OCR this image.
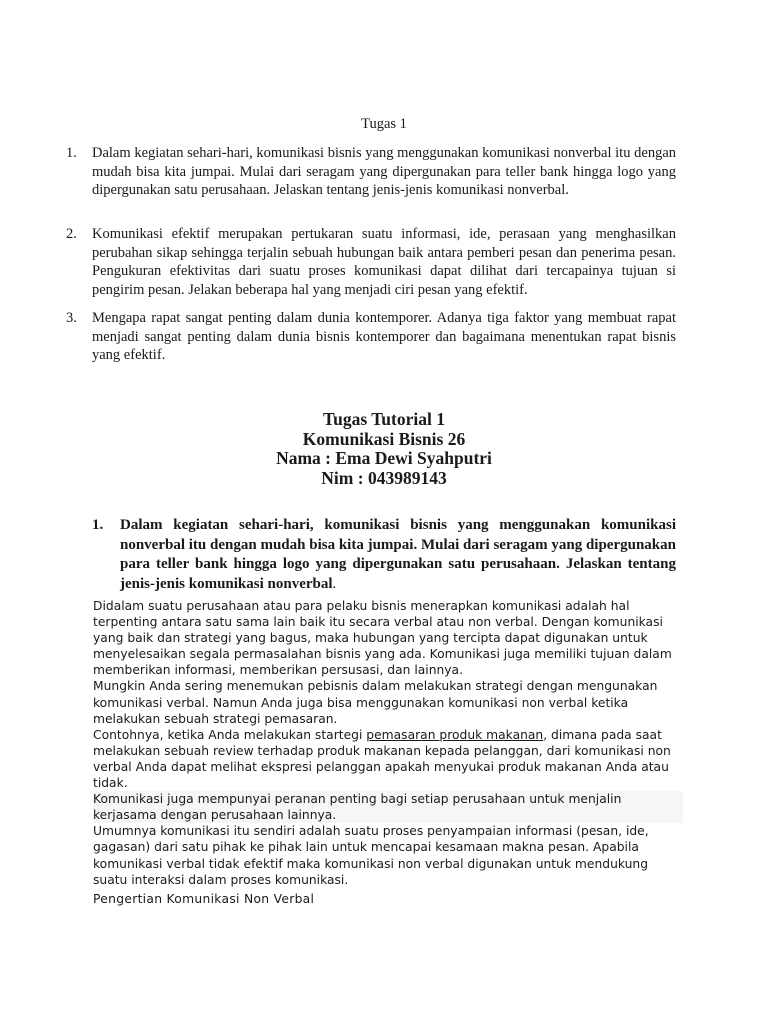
Tugas 1
1.	Dalam kegiatan sehari-hari, komunikasi bisnis yang menggunakan komunikasi nonverbal itu dengan mudah bisa kita jumpai. Mulai dari seragam yang dipergunakan para teller bank hingga logo yang dipergunakan satu perusahaan. Jelaskan tentang jenis-jenis komunikasi nonverbal.
2.	Komunikasi efektif merupakan pertukaran suatu informasi, ide, perasaan yang menghasilkan perubahan sikap sehingga terjalin sebuah hubungan baik antara pemberi pesan dan penerima pesan. Pengukuran efektivitas dari suatu proses komunikasi dapat dilihat dari tercapainya tujuan si pengirim pesan. Jelakan beberapa hal yang menjadi ciri pesan yang efektif.
3.	Mengapa rapat sangat penting dalam dunia kontemporer. Adanya tiga faktor yang membuat rapat menjadi sangat penting dalam dunia bisnis kontemporer dan bagaimana menentukan rapat bisnis yang efektif.
Tugas Tutorial 1
Komunikasi Bisnis 26
Nama : Ema Dewi Syahputri
Nim : 043989143
1.	Dalam kegiatan sehari-hari, komunikasi bisnis yang menggunakan komunikasi nonverbal itu dengan mudah bisa kita jumpai. Mulai dari seragam yang dipergunakan para teller bank hingga logo yang dipergunakan satu perusahaan. Jelaskan tentang jenis-jenis komunikasi nonverbal.

Didalam suatu perusahaan atau para pelaku bisnis menerapkan komunikasi adalah hal terpenting antara satu sama lain baik itu secara verbal atau non verbal. Dengan komunikasi yang baik dan strategi yang bagus, maka hubungan yang tercipta dapat digunakan untuk menyelesaikan segala permasalahan bisnis yang ada. Komunikasi juga memiliki tujuan dalam memberikan informasi, memberikan persusasi, dan lainnya.

Mungkin Anda sering menemukan pebisnis dalam melakukan strategi dengan mengunakan komunikasi verbal. Namun Anda juga bisa menggunakan komunikasi non verbal ketika melakukan sebuah strategi pemasaran.

Contohnya, ketika Anda melakukan startegi pemasaran produk makanan, dimana pada saat melakukan sebuah review terhadap produk makanan kepada pelanggan, dari komunikasi non verbal Anda dapat melihat ekspresi pelanggan apakah menyukai produk makanan Anda atau tidak.

Komunikasi juga mempunyai peranan penting bagi setiap perusahaan untuk menjalin kerjasama dengan perusahaan lainnya.

Umumnya komunikasi itu sendiri adalah suatu proses penyampaian informasi (pesan, ide, gagasan) dari satu pihak ke pihak lain untuk mencapai kesamaan makna pesan. Apabila komunikasi verbal tidak efektif maka komunikasi non verbal digunakan untuk mendukung suatu interaksi dalam proses komunikasi.

Pengertian Komunikasi Non Verbal
